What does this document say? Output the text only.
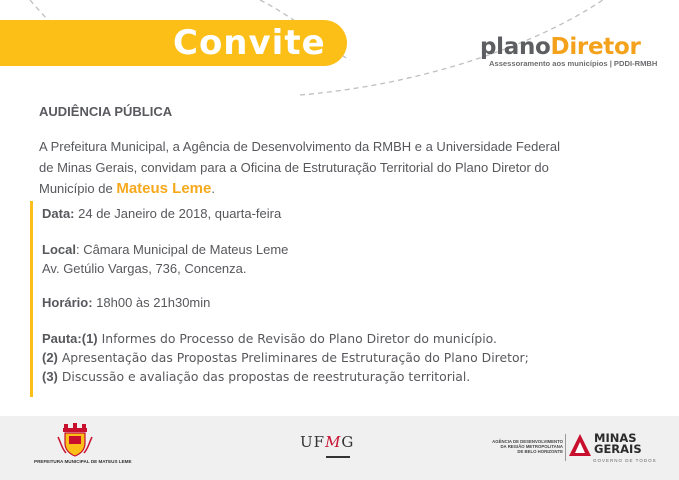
Convite	planoDiretor
Assessoramento aos municípios | PDDI-RMBH
AUDIÊNCIA PÚBLICA
A Prefeitura Municipal, a Agência de Desenvolvimento da RMBH e a Universidade Federal
de Minas Gerais, convidam para a Oficina de Estruturação Territorial do Plano Diretor do
Município de Mateus Leme.
Data: 24 de Janeiro de 2018, quarta-feira
Local: Câmara Municipal de Mateus Leme
Av. Getúlio Vargas, 736, Concenza.
Horário: 18h00 às 21h30min
Pauta:(1) Informes do Processo de Revisão do Plano Diretor do município.
(2) Apresentação das Propostas Preliminares de Estruturação do Plano Diretor;
(3) Discussão e avaliação das propostas de reestruturação territorial.
PREFEITURA MUNICIPAL DE MATEUS LEME
UFMG	AGÊNCIA DE DESENVOLVIMENTO
DA REGIÃO METROPOLITANA
DE BELO HORIZONTE
MINAS
GERAIS
GOVERNO DE TODOS
